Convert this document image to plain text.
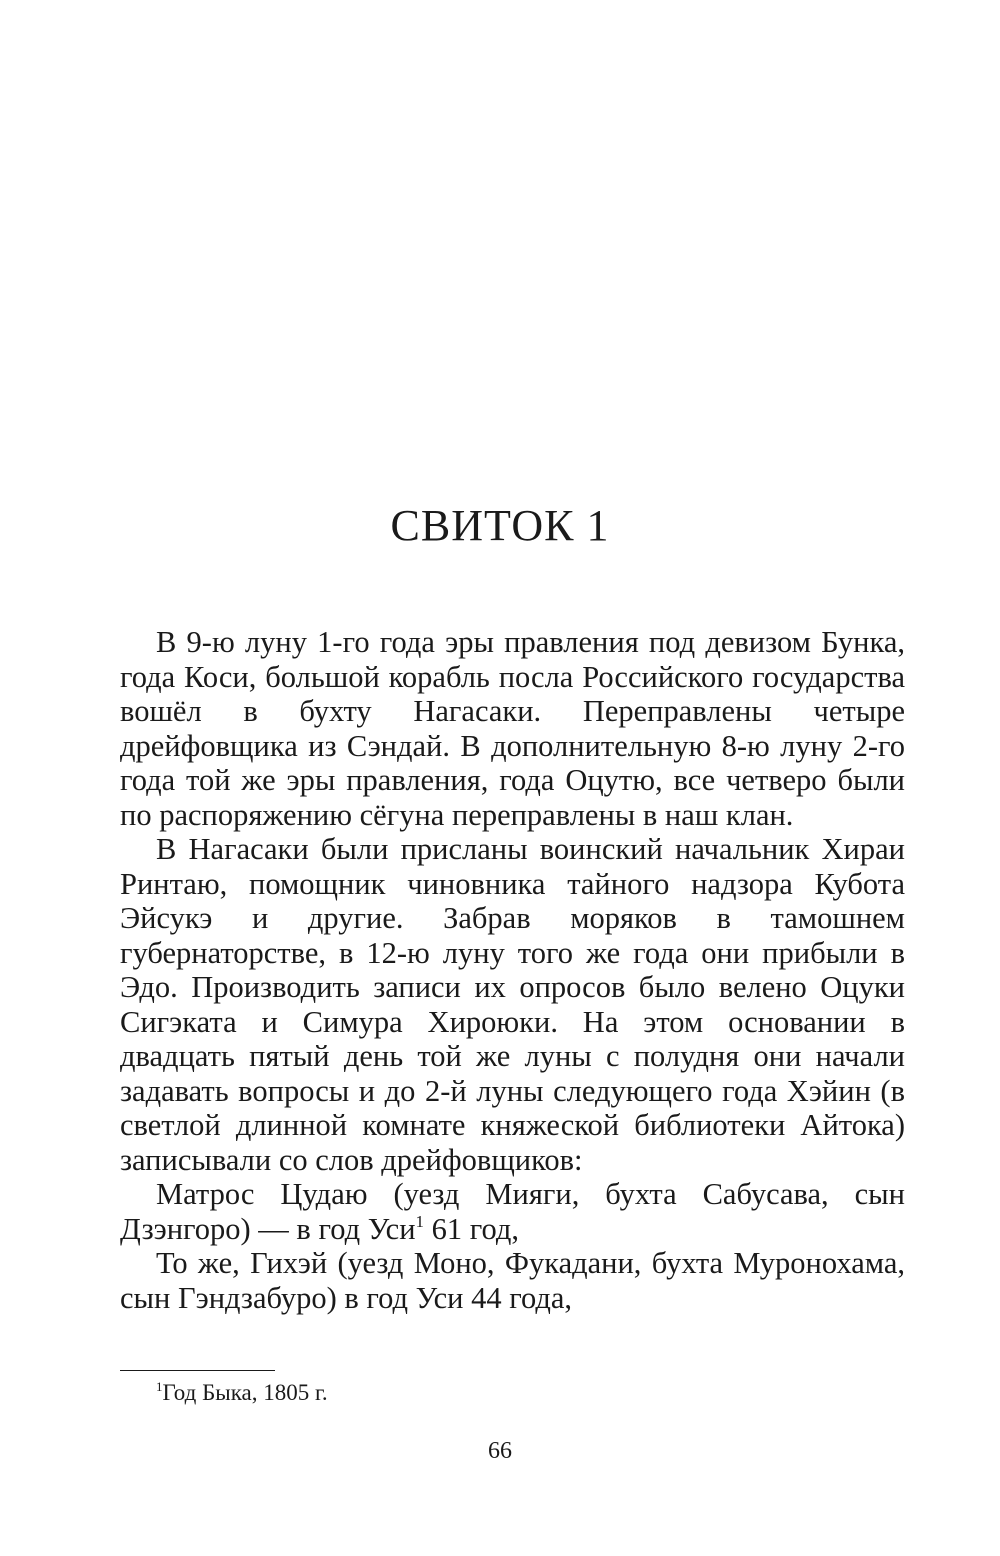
СВИТОК 1

В 9-ю луну 1-го года эры правления под девизом Бунка, года Коси, большой корабль посла Российского государства вошёл в бухту Нагасаки. Переправлены четыре дрейфовщика из Сэндай. В дополнительную 8-ю луну 2-го года той же эры правления, года Оцутю, все четверо были по распоряжению сёгуна переправлены в наш клан.

В Нагасаки были присланы воинский начальник Хираи Ринтаю, помощник чиновника тайного надзора Кубота Эйсукэ и другие. Забрав моряков в тамошнем губернаторстве, в 12-ю луну того же года они прибыли в Эдо. Производить записи их опросов было велено Оцуки Сигэката и Симура Хироюки. На этом основании в двадцать пятый день той же луны с полудня они начали задавать вопросы и до 2-й луны следующего года Хэйин (в светлой длинной комнате княжеской библиотеки Айтока) записывали со слов дрейфовщиков:

Матрос Цудаю (уезд Мияги, бухта Сабусава, сын Дзэнгоро) — в год Уси$^1$ 61 год,

То же, Гихэй (уезд Моно, Фукадани, бухта Муронохама, сын Гэндзабуро) в год Уси 44 года,

$^1$Год Быка, 1805 г.

66
